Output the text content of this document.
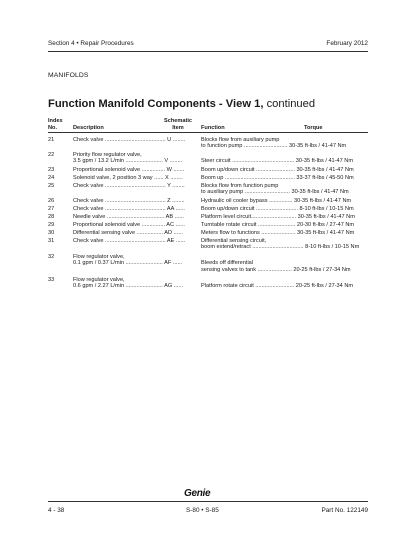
Section 4 • Repair Procedures	February 2012
MANIFOLDS
Function Manifold Components - View 1, continued
Index
No.	Description
Schematic
Item	Function	Torque
21	Check valve ....................................... U ........	Blocks flow from auxiliary pump
to function pump ............................ 30-35 ft-lbs / 41-47 Nm
22	Priority flow regulator valve,
3.5 gpm / 13.2 L/min ........................ V ........	Steer circuit ........................................ 30-35 ft-lbs / 41-47 Nm
23	Proportional solenoid valve ............... W .......	Boom up/down circuit ......................... 30-35 ft-lbs / 41-47 Nm
24	Solenoid valve, 2 position 3 way ...... X ........	Boom up ............................................. 33-37 ft-lbs / 45-50 Nm
25	Check valve ....................................... Y ........	Blocks flow from function pump
to auxiliary pump ............................. 30-35 ft-lbs / 41-47 Nm
26	Check valve ....................................... Z ........	Hydraulic oil cooler bypass ............... 30-35 ft-lbs / 41-47 Nm
27	Check valve ....................................... AA ......	Boom up/down circuit ........................... 8-10 ft-lbs / 10-15 Nm
28	Needle valve ..................................... AB ......	Platform level circuit............................. 30-35 ft-lbs / 41-47 Nm
29	Proportional solenoid valve ............... AC ......	Turntable rotate circuit ........................ 20-30 ft-lbs / 27-47 Nm
30	Differential sensing valve ................. AD ......	Meters flow to functions ...................... 30-35 ft-lbs / 41-47 Nm
31	Check valve ....................................... AE ......	Differential sensing circuit,
boom extend/retract ................................. 8-10 ft-lbs / 10-15 Nm
32	Flow regulator valve,
0.1 gpm / 0.37 L/min ........................ AF ......	Bleeds off differential
sensing valves to tank ...................... 20-25 ft-lbs / 27-34 Nm
33	Flow regulator valve,
0.6 gpm / 2.27 L/min ........................ AG ......	Platform rotate circuit ......................... 20-25 ft-lbs / 27-34 Nm
Genie
4 - 38	S-80 • S-85	Part No. 122149
